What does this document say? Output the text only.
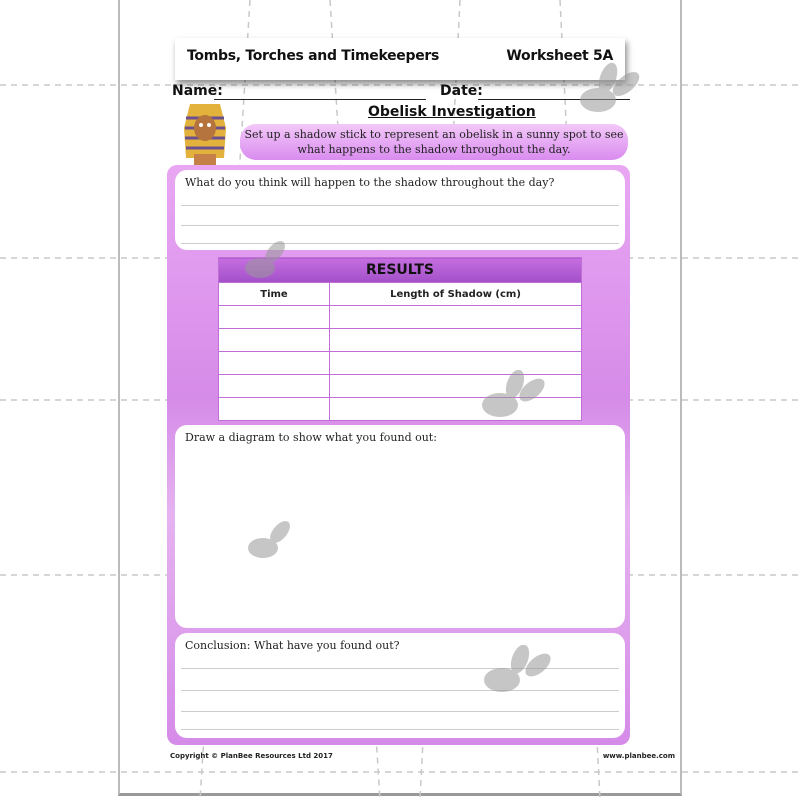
Tombs, Torches and Timekeepers	Worksheet 5A
Name:	Date:
Obelisk Investigation
Set up a shadow stick to represent an obelisk in a sunny spot to see what happens to the shadow throughout the day.
What do you think will happen to the shadow throughout the day?
RESULTS	
Time	Length of Shadow (cm)

Draw a diagram to show what you found out:
Conclusion: What have you found out?
Copyright © PlanBee Resources Ltd 2017	www.planbee.com
